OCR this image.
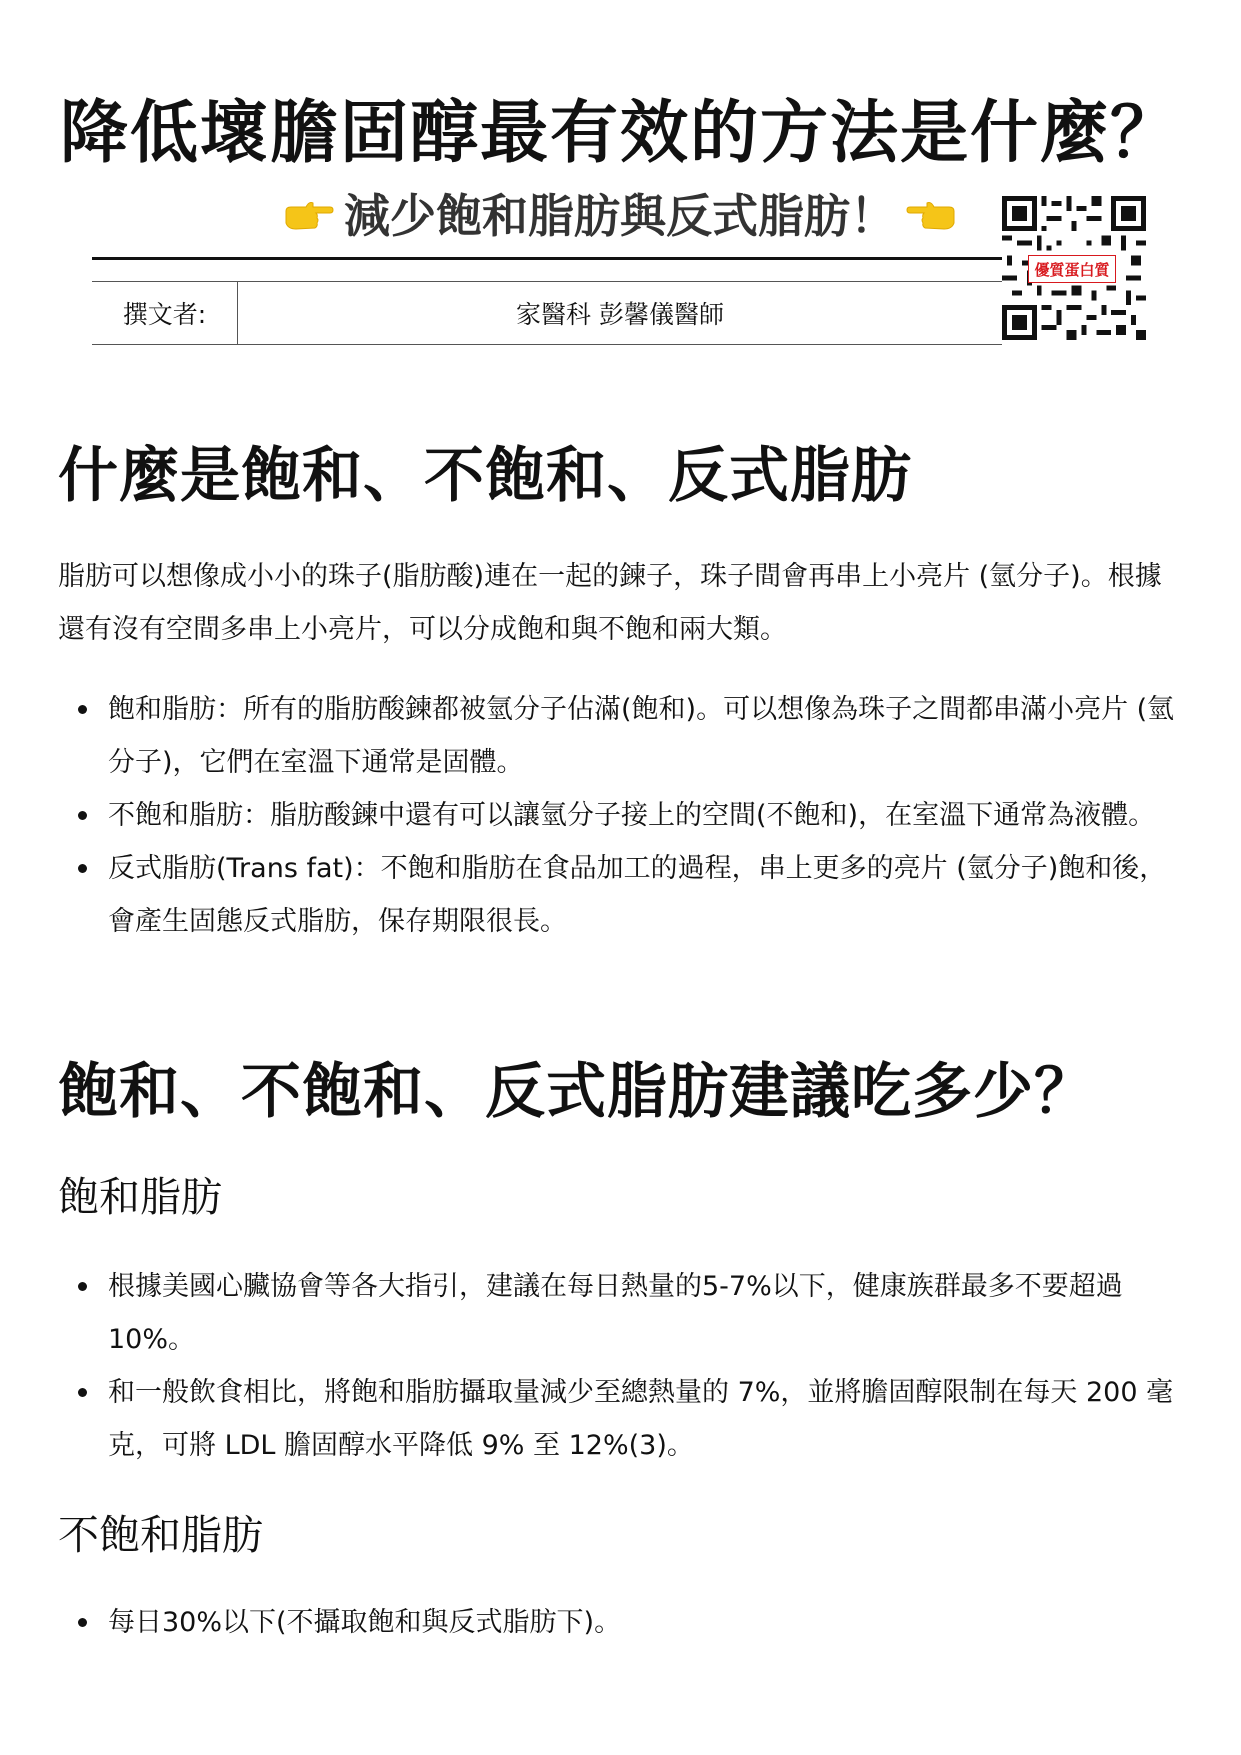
降低壞膽固醇最有效的方法是什麼？
減少飽和脂肪與反式脂肪！
撰文者:	家醫科 彭馨儀醫師
優質蛋白質
什麼是飽和、不飽和、反式脂肪

脂肪可以想像成小小的珠子(脂肪酸)連在一起的鍊子，珠子間會再串上小亮片 (氫分子)。根據還有沒有空間多串上小亮片，可以分成飽和與不飽和兩大類。

飽和脂肪：所有的脂肪酸鍊都被氫分子佔滿(飽和)。可以想像為珠子之間都串滿小亮片 (氫分子)，它們在室溫下通常是固體。
不飽和脂肪：脂肪酸鍊中還有可以讓氫分子接上的空間(不飽和)，在室溫下通常為液體。
反式脂肪(Trans fat)：不飽和脂肪在食品加工的過程，串上更多的亮片 (氫分子)飽和後，會產生固態反式脂肪，保存期限很長。
飽和、不飽和、反式脂肪建議吃多少？
飽和脂肪
根據美國心臟協會等各大指引，建議在每日熱量的5-7%以下，健康族群最多不要超過10%。
和一般飲食相比，將飽和脂肪攝取量減少至總熱量的 7%，並將膽固醇限制在每天 200 毫克，可將 LDL 膽固醇水平降低 9% 至 12%(3)。
不飽和脂肪
每日30%以下(不攝取飽和與反式脂肪下)。
